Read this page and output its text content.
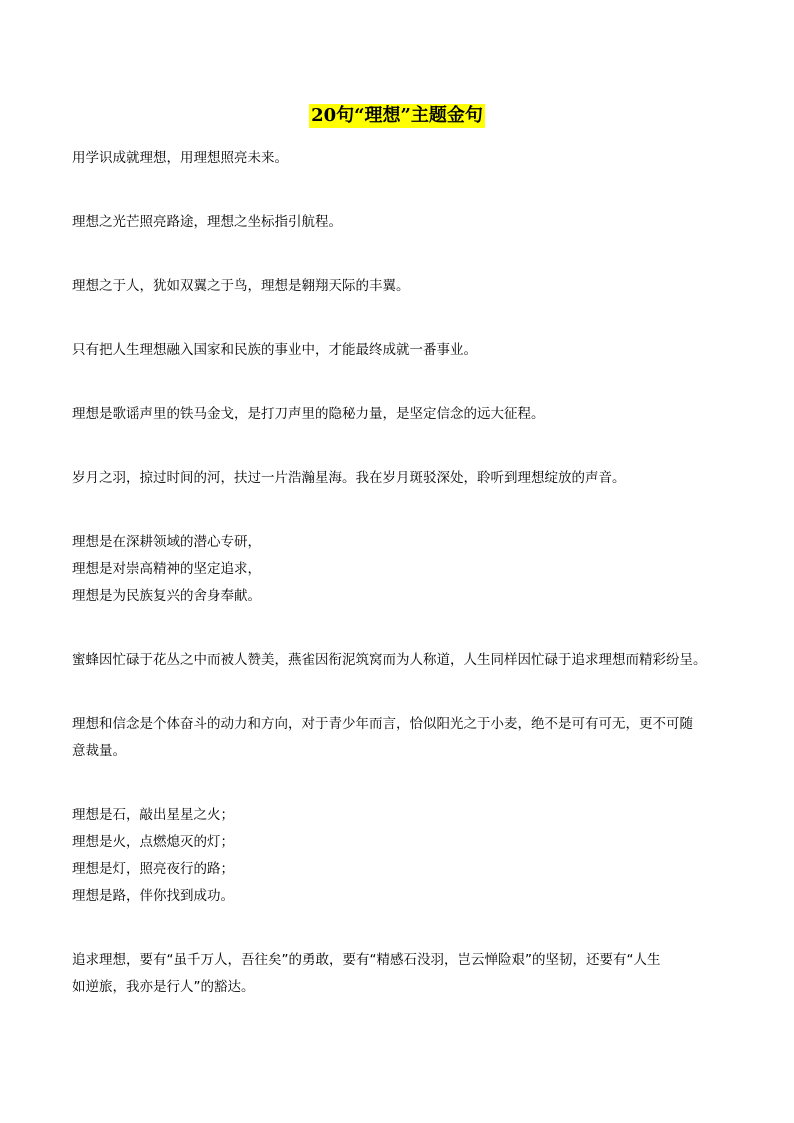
20句“理想”主题金句
用学识成就理想，用理想照亮未来。
理想之光芒照亮路途，理想之坐标指引航程。
理想之于人，犹如双翼之于鸟，理想是翱翔天际的丰翼。
只有把人生理想融入国家和民族的事业中，才能最终成就一番事业。
理想是歌谣声里的铁马金戈，是打刀声里的隐秘力量，是坚定信念的远大征程。
岁月之羽，掠过时间的河，扶过一片浩瀚星海。我在岁月斑驳深处，聆听到理想绽放的声音。
理想是在深耕领域的潜心专研，
理想是对崇高精神的坚定追求，
理想是为民族复兴的舍身奉献。
蜜蜂因忙碌于花丛之中而被人赞美，燕雀因衔泥筑窝而为人称道，人生同样因忙碌于追求理想而精彩纷呈。
理想和信念是个体奋斗的动力和方向，对于青少年而言，恰似阳光之于小麦，绝不是可有可无，更不可随
意裁量。
理想是石，敲出星星之火；
理想是火，点燃熄灭的灯；
理想是灯，照亮夜行的路；
理想是路，伴你找到成功。
追求理想，要有“虽千万人，吾往矣”的勇敢，要有“精感石没羽，岂云惮险艰”的坚韧，还要有“人生
如逆旅，我亦是行人”的豁达。
